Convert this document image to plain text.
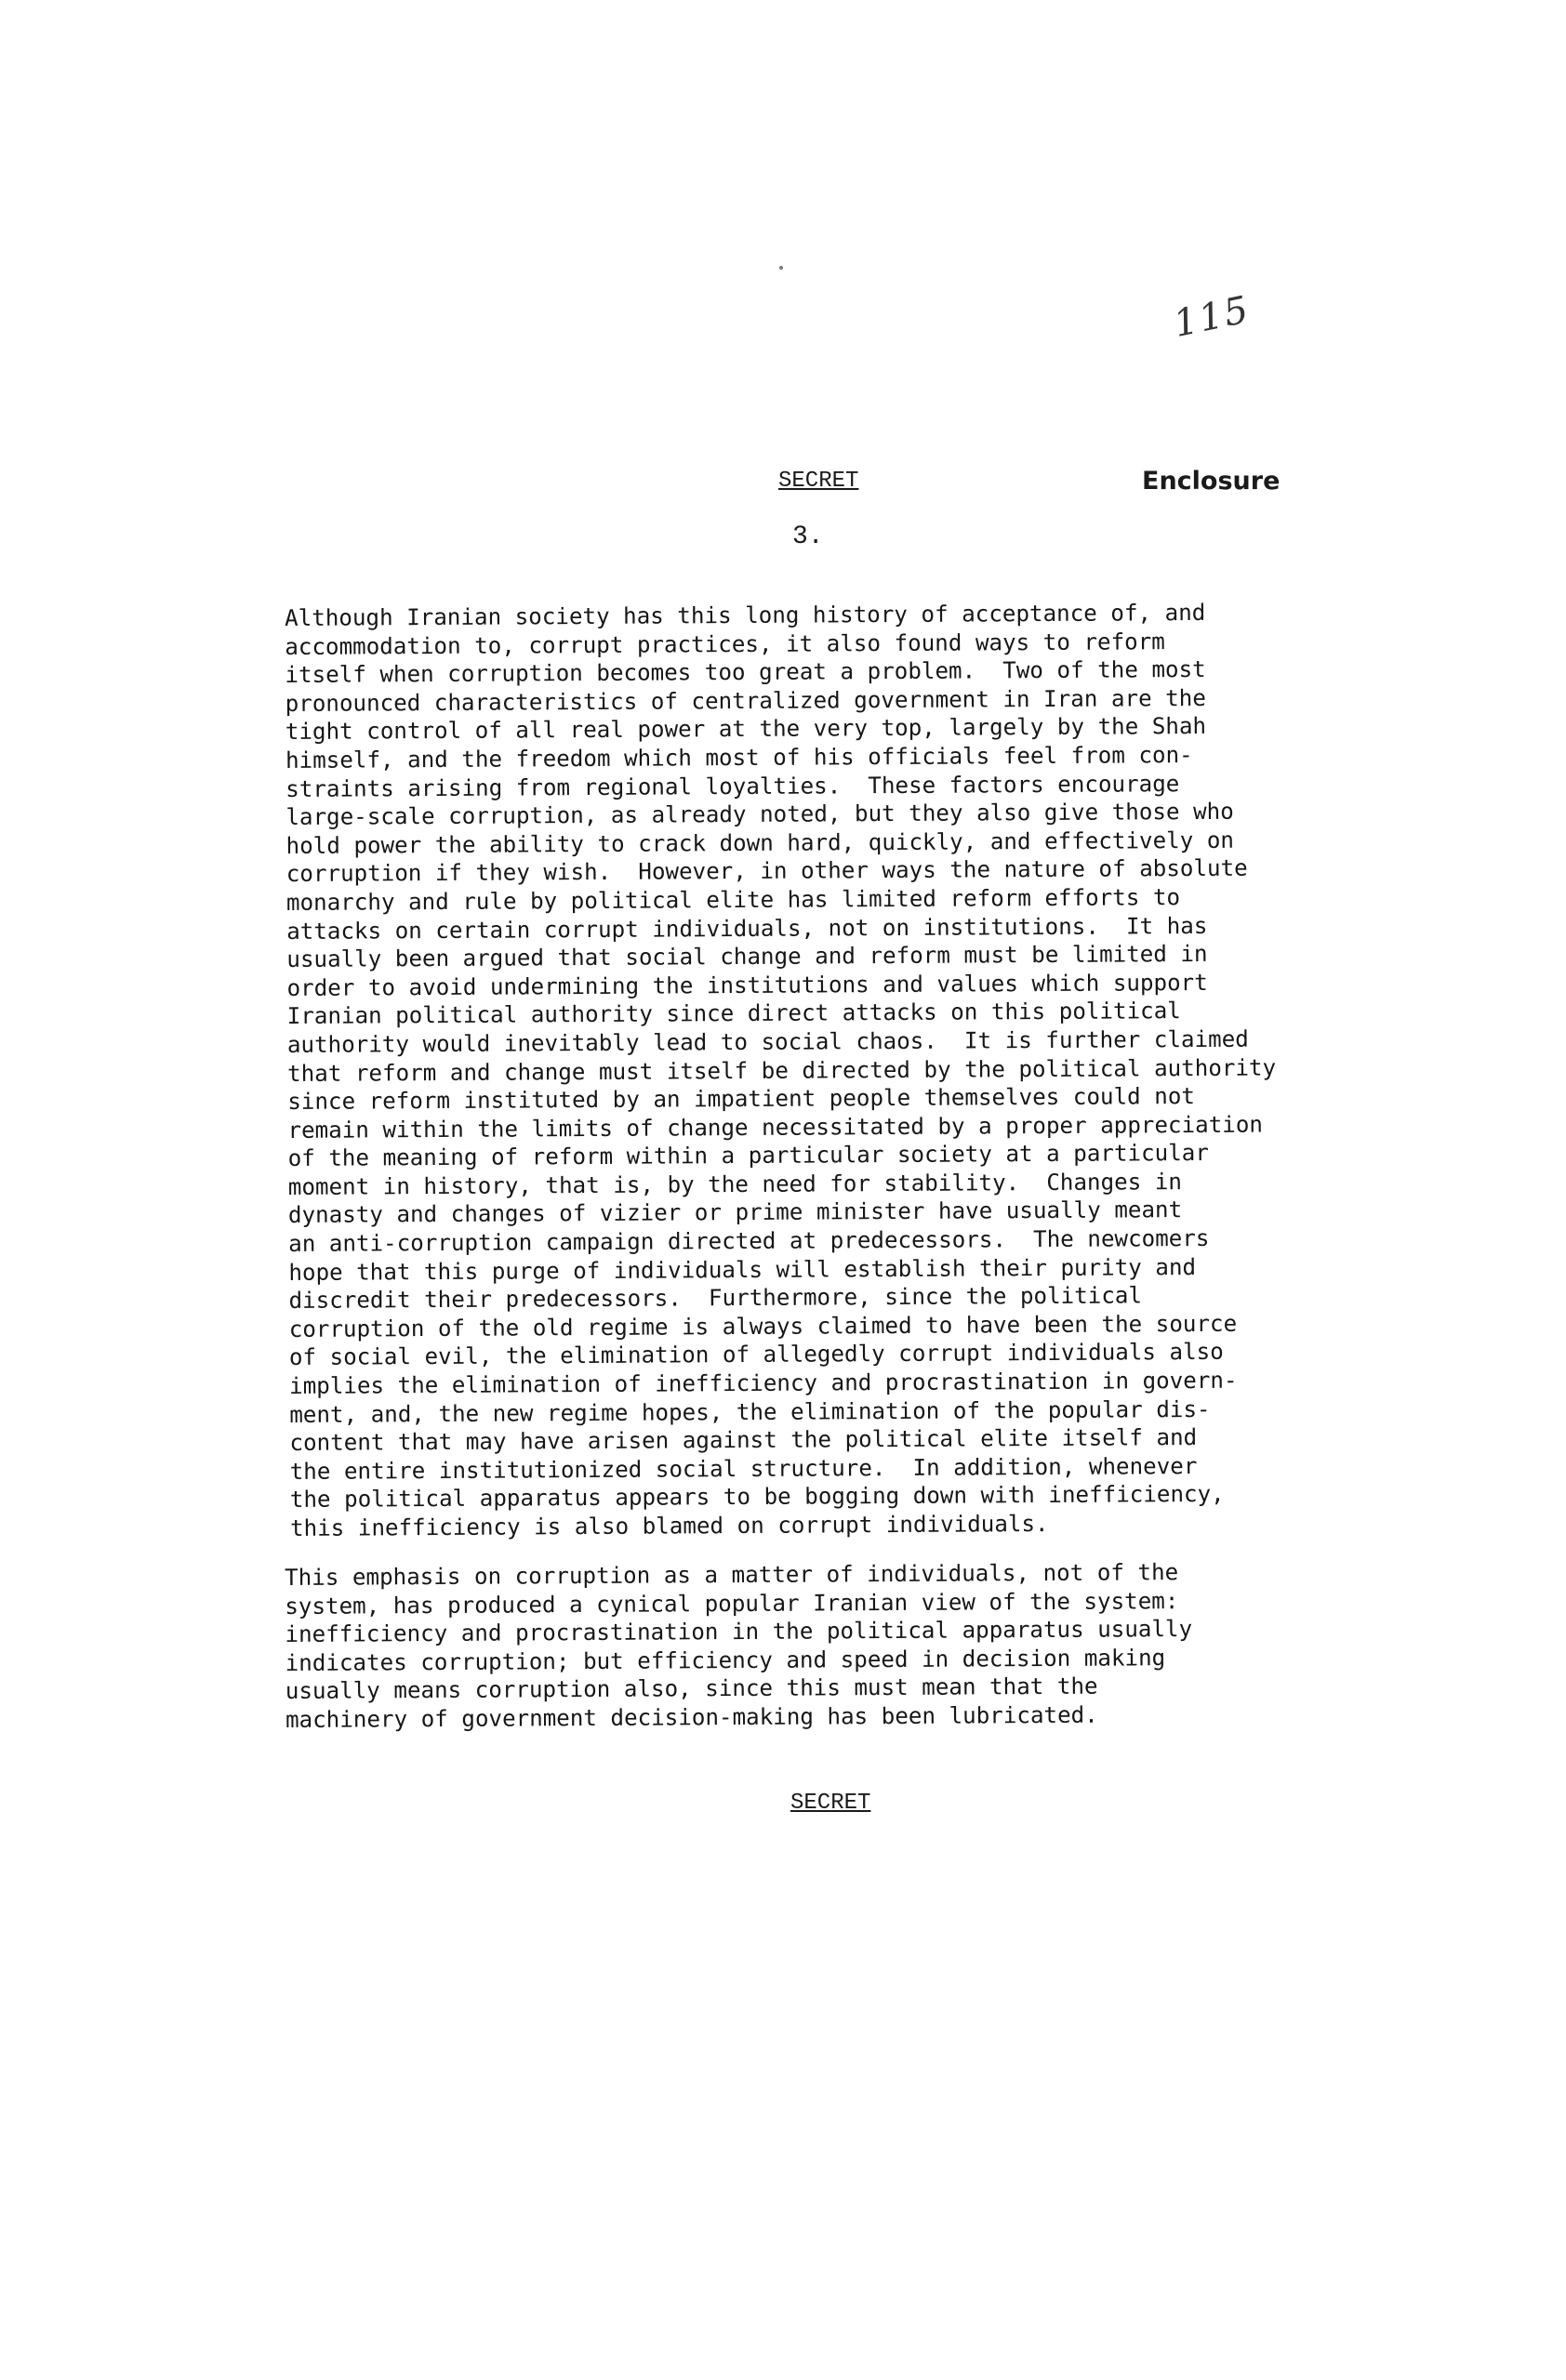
115
SECRET	Enclosure
3.
Although Iranian society has this long history of acceptance of, and
accommodation to, corrupt practices, it also found ways to reform
itself when corruption becomes too great a problem.  Two of the most
pronounced characteristics of centralized government in Iran are the
tight control of all real power at the very top, largely by the Shah
himself, and the freedom which most of his officials feel from con-
straints arising from regional loyalties.  These factors encourage
large-scale corruption, as already noted, but they also give those who
hold power the ability to crack down hard, quickly, and effectively on
corruption if they wish.  However, in other ways the nature of absolute
monarchy and rule by political elite has limited reform efforts to
attacks on certain corrupt individuals, not on institutions.  It has
usually been argued that social change and reform must be limited in
order to avoid undermining the institutions and values which support
Iranian political authority since direct attacks on this political
authority would inevitably lead to social chaos.  It is further claimed
that reform and change must itself be directed by the political authority
since reform instituted by an impatient people themselves could not
remain within the limits of change necessitated by a proper appreciation
of the meaning of reform within a particular society at a particular
moment in history, that is, by the need for stability.  Changes in
dynasty and changes of vizier or prime minister have usually meant
an anti-corruption campaign directed at predecessors.  The newcomers
hope that this purge of individuals will establish their purity and
discredit their predecessors.  Furthermore, since the political
corruption of the old regime is always claimed to have been the source
of social evil, the elimination of allegedly corrupt individuals also
implies the elimination of inefficiency and procrastination in govern-
ment, and, the new regime hopes, the elimination of the popular dis-
content that may have arisen against the political elite itself and
the entire institutionized social structure.  In addition, whenever
the political apparatus appears to be bogging down with inefficiency,
this inefficiency is also blamed on corrupt individuals.
This emphasis on corruption as a matter of individuals, not of the
system, has produced a cynical popular Iranian view of the system:
inefficiency and procrastination in the political apparatus usually
indicates corruption; but efficiency and speed in decision making
usually means corruption also, since this must mean that the
machinery of government decision-making has been lubricated.
SECRET
